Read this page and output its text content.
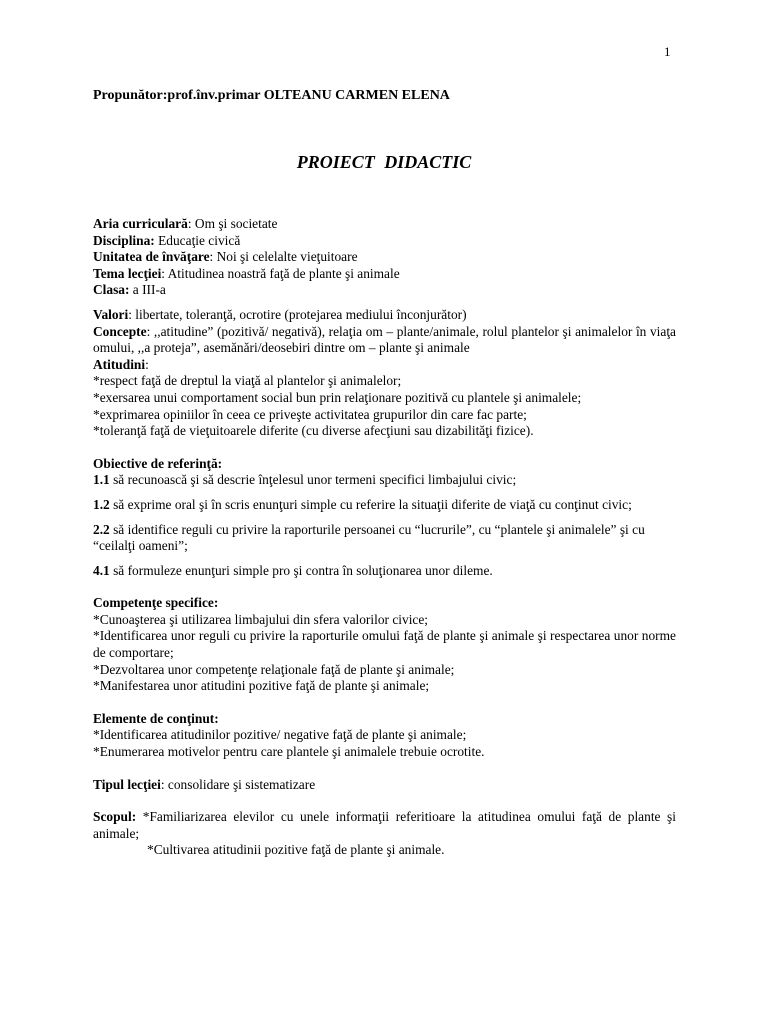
1
Propunător:prof.înv.primar OLTEANU CARMEN ELENA
PROIECT DIDACTIC

Aria curriculară: Om şi societate

Disciplina: Educaţie civică

Unitatea de învăţare: Noi şi celelalte vieţuitoare

Tema lecţiei: Atitudinea noastră faţă de plante şi animale

Clasa: a III-a

Valori: libertate, toleranţă, ocrotire (protejarea mediului înconjurător)

Concepte: ,,atitudine” (pozitivă/ negativă), relaţia om – plante/animale, rolul plantelor şi animalelor în viaţa omului, ,,a proteja”, asemănări/deosebiri dintre om – plante şi animale

Atitudini:

*respect faţă de dreptul la viaţă al plantelor şi animalelor;

*exersarea unui comportament social bun prin relaţionare pozitivă cu plantele şi animalele;

*exprimarea opiniilor în ceea ce priveşte activitatea grupurilor din care fac parte;

*toleranţă faţă de vieţuitoarele diferite (cu diverse afecţiuni sau dizabilităţi fizice).

Obiective de referinţă:

1.1 să recunoască şi să descrie înţelesul unor termeni specifici limbajului civic;

1.2 să exprime oral şi în scris enunţuri simple cu referire la situaţii diferite de viaţă cu conţinut civic;

2.2 să identifice reguli cu privire la raporturile persoanei cu “lucrurile”, cu “plantele şi animalele” şi cu “ceilalţi oameni”;

4.1 să formuleze enunţuri simple pro şi contra în soluţionarea unor dileme.

Competenţe specifice:

*Cunoaşterea şi utilizarea limbajului din sfera valorilor civice;

*Identificarea unor reguli cu privire la raporturile omului faţă de plante şi animale şi respectarea unor norme de comportare;

*Dezvoltarea unor competenţe relaţionale faţă de plante şi animale;

*Manifestarea unor atitudini pozitive faţă de plante şi animale;

Elemente de conţinut:

*Identificarea atitudinilor pozitive/ negative faţă de plante şi animale;

*Enumerarea motivelor pentru care plantele şi animalele trebuie ocrotite.

Tipul lecţiei: consolidare şi sistematizare

Scopul: *Familiarizarea elevilor cu unele informaţii referitioare la atitudinea omului faţă de plante şi animale;

*Cultivarea atitudinii pozitive faţă de plante şi animale.
